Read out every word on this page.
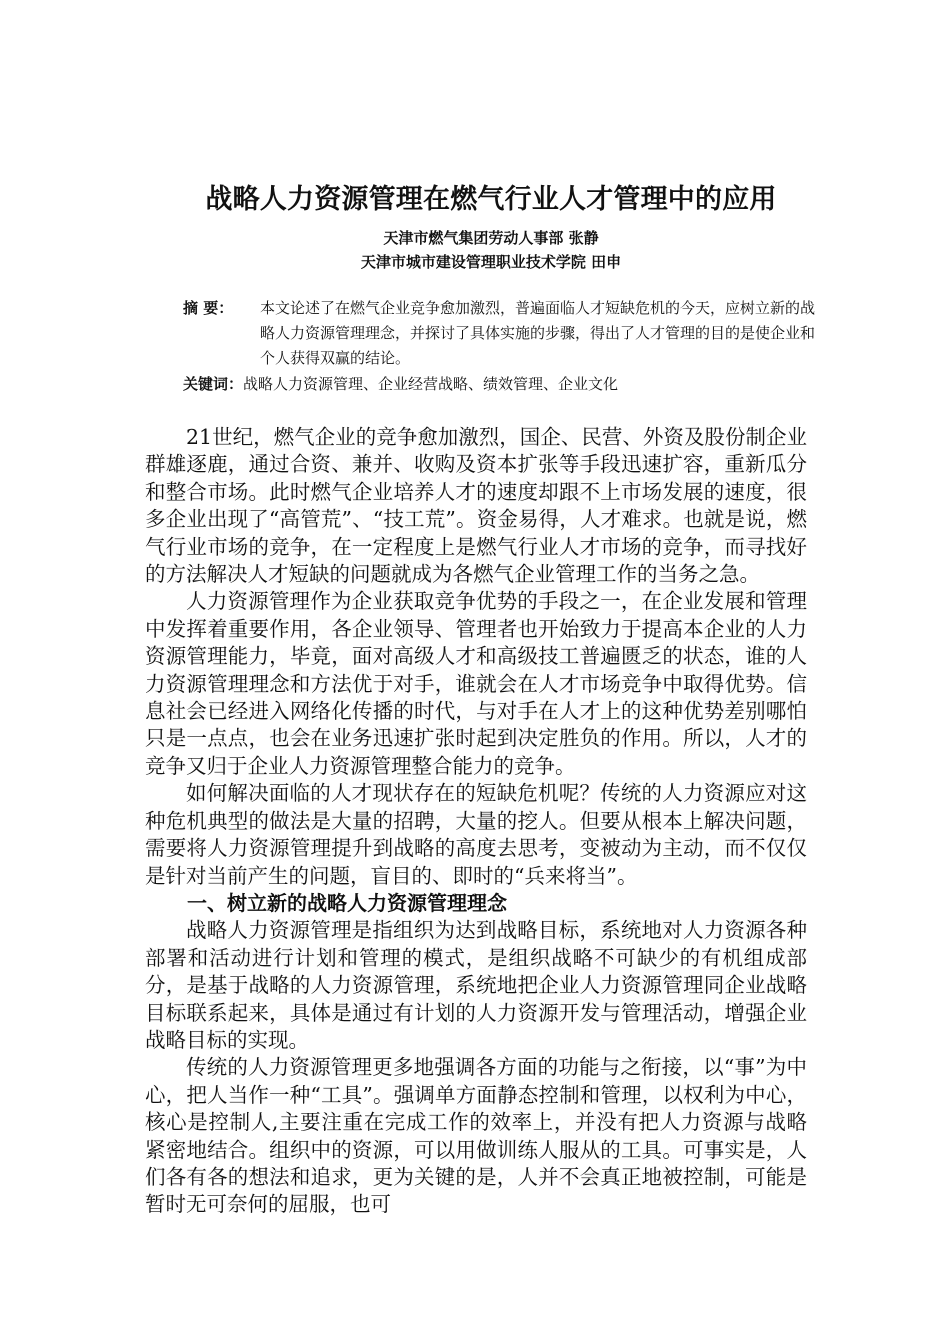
战略人力资源管理在燃气行业人才管理中的应用
天津市燃气集团劳动人事部 张静
天津市城市建设管理职业技术学院 田申
摘 要： 本文论述了在燃气企业竞争愈加激烈，普遍面临人才短缺危机的今天，应树立新的战略人力资源管理理念，并探讨了具体实施的步骤，得出了人才管理的目的是使企业和个人获得双赢的结论。
关键词：战略人力资源管理、企业经营战略、绩效管理、企业文化

21世纪，燃气企业的竞争愈加激烈，国企、民营、外资及股份制企业群雄逐鹿，通过合资、兼并、收购及资本扩张等手段迅速扩容，重新瓜分和整合市场。此时燃气企业培养人才的速度却跟不上市场发展的速度，很多企业出现了“高管荒”、“技工荒”。资金易得，人才难求。也就是说，燃气行业市场的竞争，在一定程度上是燃气行业人才市场的竞争，而寻找好的方法解决人才短缺的问题就成为各燃气企业管理工作的当务之急。

人力资源管理作为企业获取竞争优势的手段之一，在企业发展和管理中发挥着重要作用，各企业领导、管理者也开始致力于提高本企业的人力资源管理能力，毕竟，面对高级人才和高级技工普遍匮乏的状态，谁的人力资源管理理念和方法优于对手，谁就会在人才市场竞争中取得优势。信息社会已经进入网络化传播的时代，与对手在人才上的这种优势差别哪怕只是一点点，也会在业务迅速扩张时起到决定胜负的作用。所以，人才的竞争又归于企业人力资源管理整合能力的竞争。

如何解决面临的人才现状存在的短缺危机呢？传统的人力资源应对这种危机典型的做法是大量的招聘，大量的挖人。但要从根本上解决问题，需要将人力资源管理提升到战略的高度去思考，变被动为主动，而不仅仅是针对当前产生的问题，盲目的、即时的“兵来将当”。

一、树立新的战略人力资源管理理念

战略人力资源管理是指组织为达到战略目标，系统地对人力资源各种部署和活动进行计划和管理的模式，是组织战略不可缺少的有机组成部分，是基于战略的人力资源管理，系统地把企业人力资源管理同企业战略目标联系起来，具体是通过有计划的人力资源开发与管理活动，增强企业战略目标的实现。

传统的人力资源管理更多地强调各方面的功能与之衔接，以“事”为中心，把人当作一种“工具”。强调单方面静态控制和管理，以权利为中心，核心是控制人,主要注重在完成工作的效率上，并没有把人力资源与战略紧密地结合。组织中的资源，可以用做训练人服从的工具。可事实是，人们各有各的想法和追求，更为关键的是，人并不会真正地被控制，可能是暂时无可奈何的屈服，也可
